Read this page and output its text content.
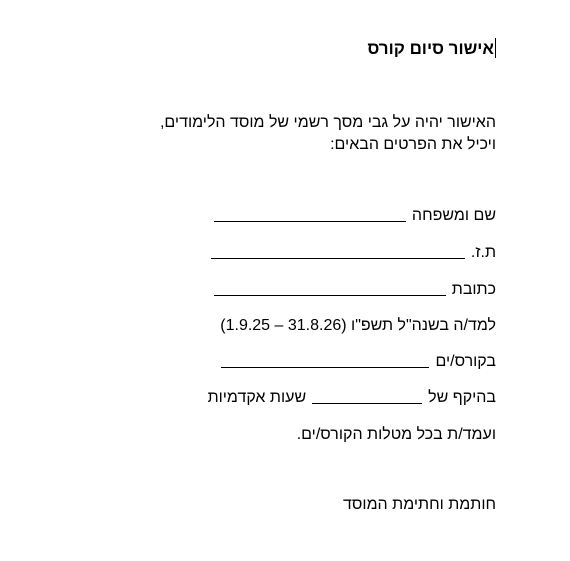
אישור סיום קורס
האישור יהיה על גבי מסך רשמי של מוסד הלימודים,
ויכיל את הפרטים הבאים:
שם ומשפחה
ת.ז.
כתובת
למד/ה בשנה"ל תשפ"ו (31.8.26 – 1.9.25)
בקורס/ים
בהיקף שלשעות אקדמיות
ועמד/ת בכל מטלות הקורס/ים.
חותמת וחתימת המוסד
